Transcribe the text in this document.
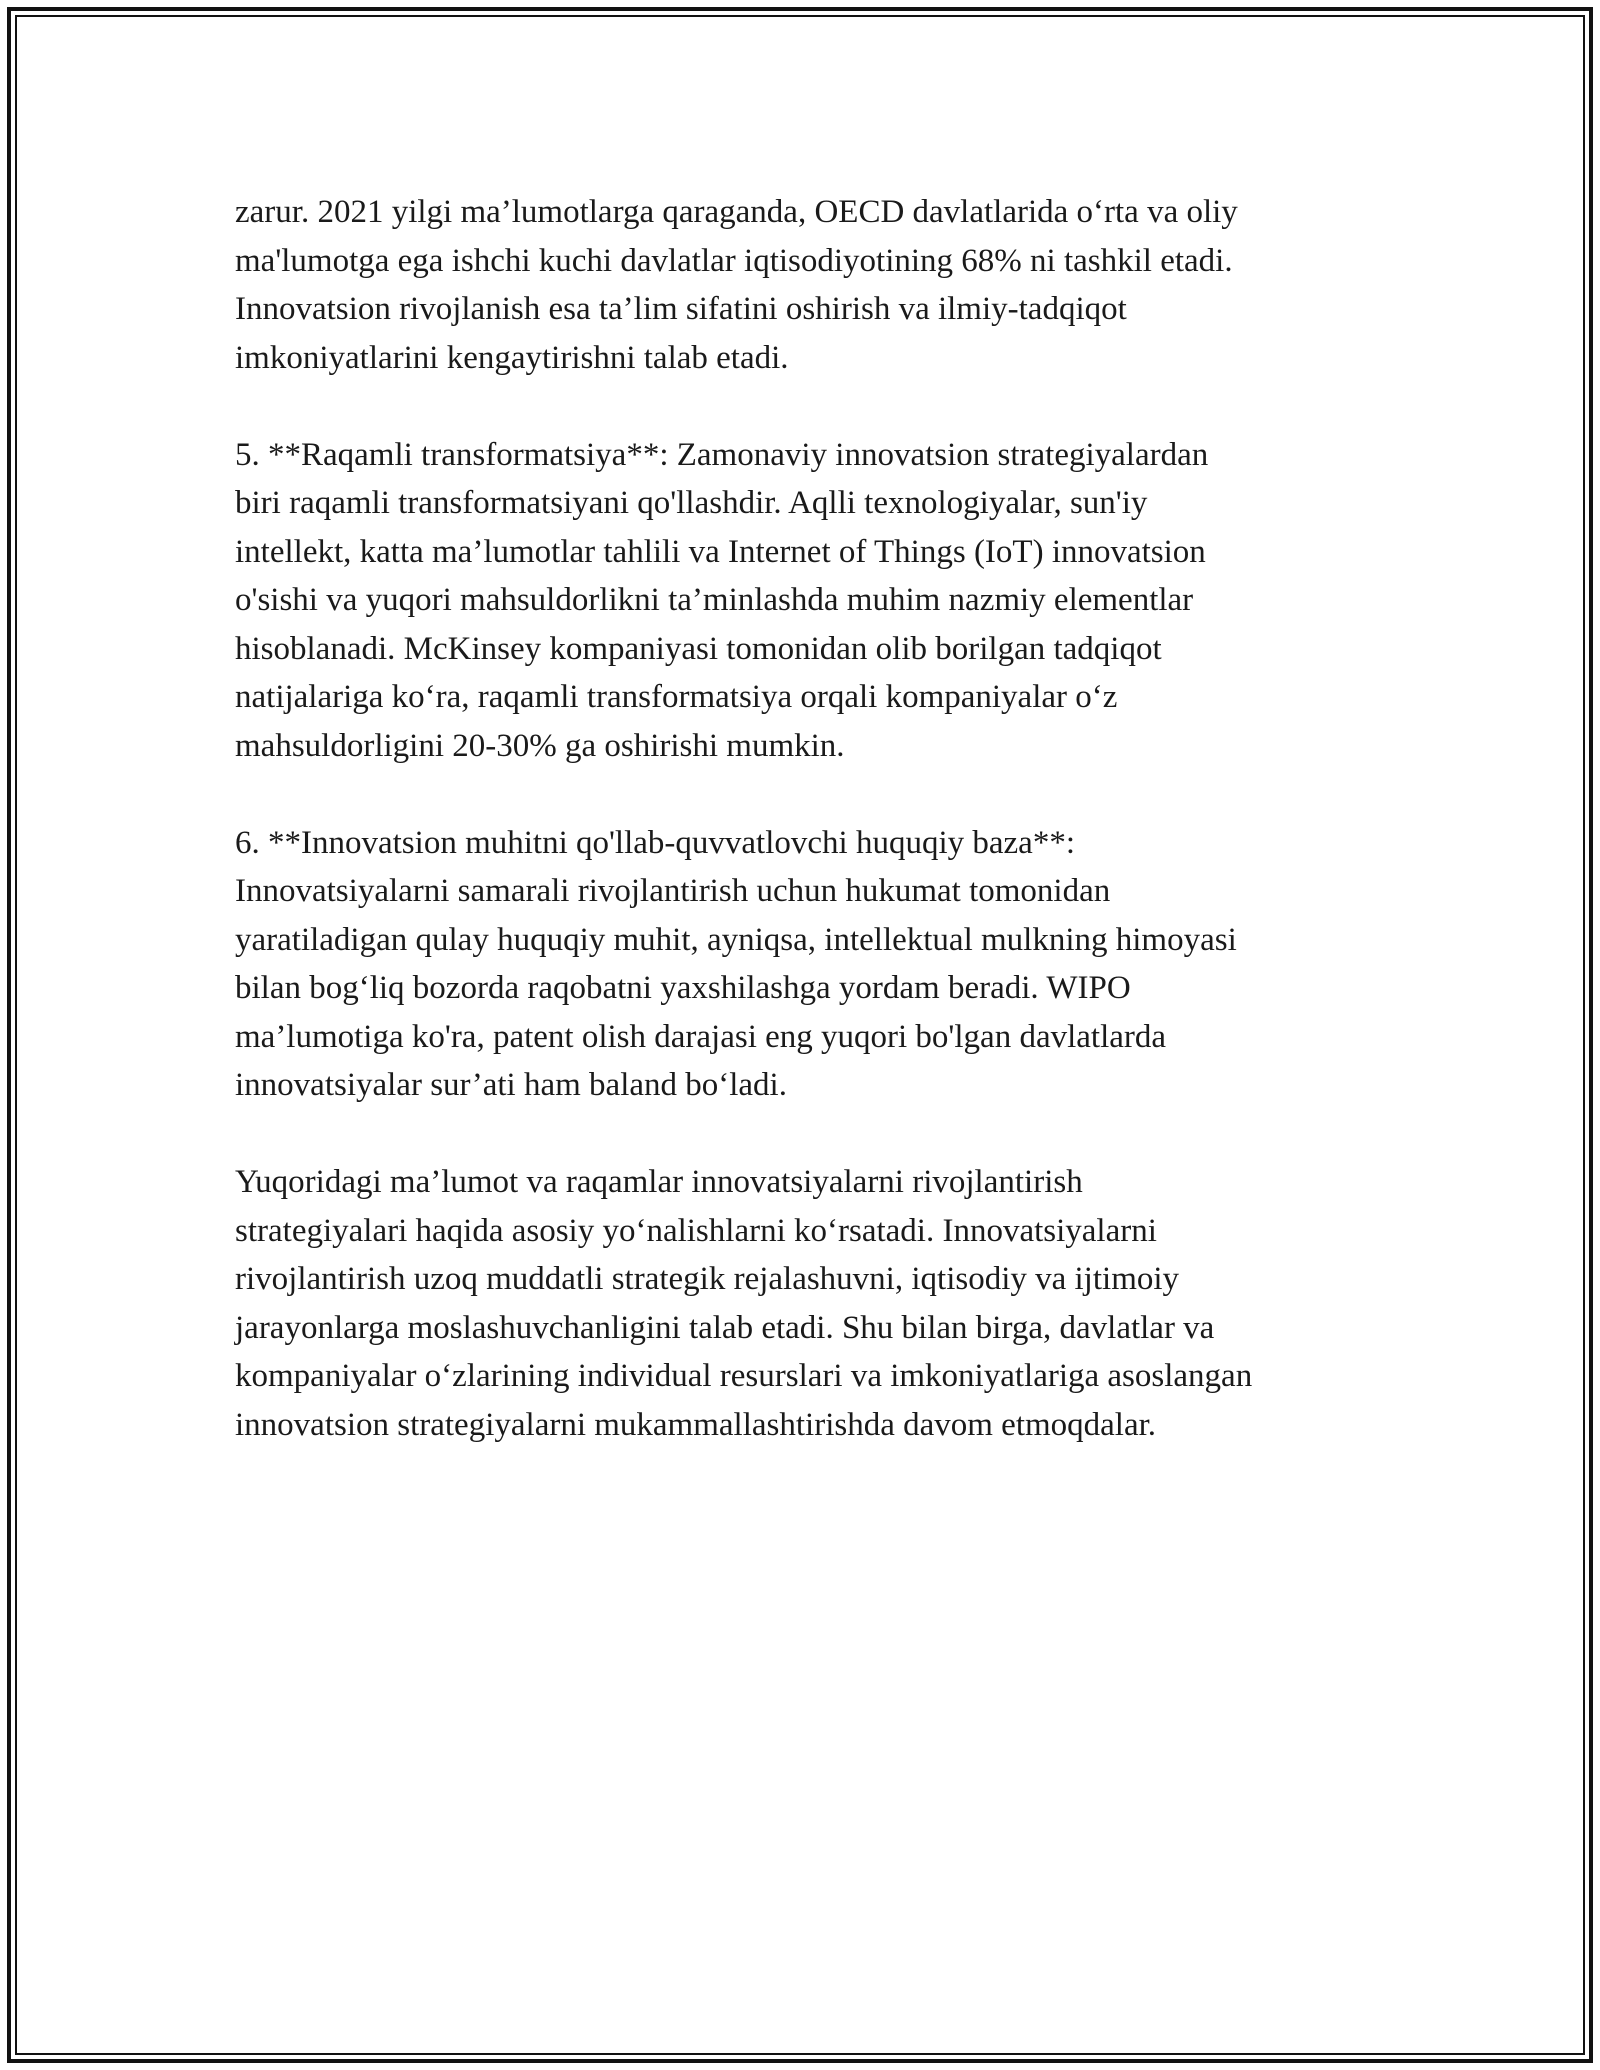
zarur. 2021 yilgi ma’lumotlarga qaraganda, OECD davlatlarida o‘rta va oliy

ma'lumotga ega ishchi kuchi davlatlar iqtisodiyotining 68% ni tashkil etadi.

Innovatsion rivojlanish esa ta’lim sifatini oshirish va ilmiy-tadqiqot

imkoniyatlarini kengaytirishni talab etadi.

5. **Raqamli transformatsiya**: Zamonaviy innovatsion strategiyalardan

biri raqamli transformatsiyani qo'llashdir. Aqlli texnologiyalar, sun'iy

intellekt, katta ma’lumotlar tahlili va Internet of Things (IoT) innovatsion

o'sishi va yuqori mahsuldorlikni ta’minlashda muhim nazmiy elementlar

hisoblanadi. McKinsey kompaniyasi tomonidan olib borilgan tadqiqot

natijalariga ko‘ra, raqamli transformatsiya orqali kompaniyalar o‘z

mahsuldorligini 20-30% ga oshirishi mumkin.

6. **Innovatsion muhitni qo'llab-quvvatlovchi huquqiy baza**:

Innovatsiyalarni samarali rivojlantirish uchun hukumat tomonidan

yaratiladigan qulay huquqiy muhit, ayniqsa, intellektual mulkning himoyasi

bilan bog‘liq bozorda raqobatni yaxshilashga yordam beradi. WIPO

ma’lumotiga ko'ra, patent olish darajasi eng yuqori bo'lgan davlatlarda

innovatsiyalar sur’ati ham baland bo‘ladi.

Yuqoridagi ma’lumot va raqamlar innovatsiyalarni rivojlantirish

strategiyalari haqida asosiy yo‘nalishlarni ko‘rsatadi. Innovatsiyalarni

rivojlantirish uzoq muddatli strategik rejalashuvni, iqtisodiy va ijtimoiy

jarayonlarga moslashuvchanligini talab etadi. Shu bilan birga, davlatlar va

kompaniyalar o‘zlarining individual resurslari va imkoniyatlariga asoslangan

innovatsion strategiyalarni mukammallashtirishda davom etmoqdalar.
